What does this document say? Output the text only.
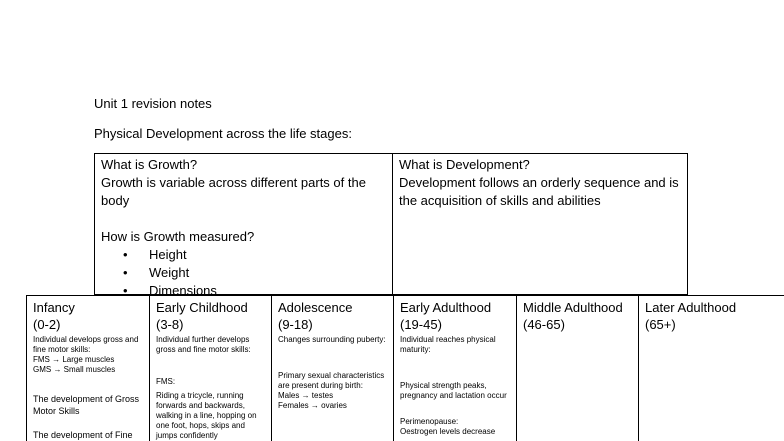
Unit 1 revision notes
Physical Development across the life stages:
What is Growth?
Growth is variable across different parts of the body
How is Growth measured?
• Height
• Weight
• Dimensions
What is Development?
Development follows an orderly sequence and is the acquisition of skills and abilities
Infancy
(0-2)
Individual develops gross and fine motor skills:
FMS → Large muscles
GMS → Small muscles
The development of Gross Motor Skills
The development of Fine
Early Childhood
(3-8)
Individual further develops gross and fine motor skills:
FMS:
Riding a tricycle, running forwards and backwards, walking in a line, hopping on one foot, hops, skips and jumps confidently
Adolescence
(9-18)
Changes surrounding puberty:
Primary sexual characteristics are present during birth:
Males → testes
Females → ovaries
Early Adulthood
(19-45)
Individual reaches physical maturity:
Physical strength peaks, pregnancy and lactation occur
Perimenopause:
Oestrogen levels decrease
Middle Adulthood
(46-65)
Later Adulthood
(65+)
